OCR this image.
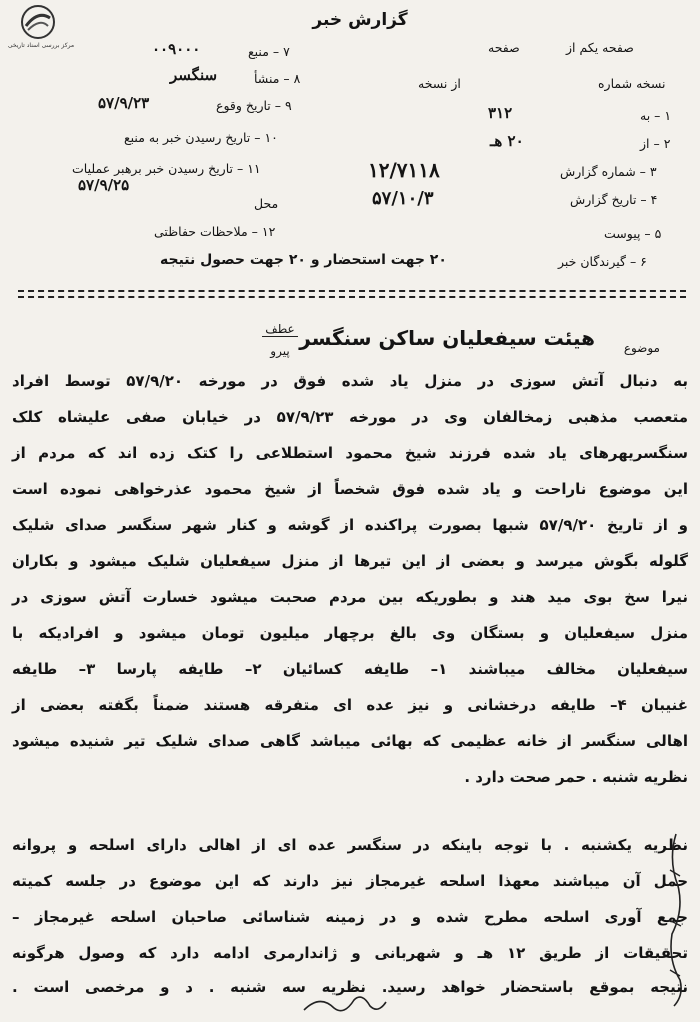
مرکز بررسی اسناد تاریخی
گزارش خبر
۷ – منبع
۰۰۹۰۰۰
۸ – منشأ
سنگسر
۹ – تاریخ وقوع
۵۷/۹/۲۳
۱۰ – تاریخ رسیدن خبر به منبع
۱۱ – تاریخ رسیدن خبر برهبر عملیات
۵۷/۹/۲۵
محل
۱۲ – ملاحظات حفاظتی
صفحه یکم از
صفحه
نسخه شماره
از نسخه
۱ – به
۳۱۲
۲ – از
۲۰ هـ
۳ – شماره گزارش
۱۲/۷۱۱۸
۴ – تاریخ گزارش
۵۷/۱۰/۳
۵ – پیوست
۶ – گیرندگان خبر
۲۰ جهت استحضار و ۲۰ جهت حصول نتیجه
عطف
پیرو
هیئت سیفعلیان ساکن سنگسر موضوع
به دنبال آتش سوزی در منزل یاد شده فوق در مورخه ۵۷/۹/۲۰ توسط افراد
متعصب مذهبی زمخالفان وی در مورخه ۵۷/۹/۲۳ در خیابان صفی علیشاه کلک
سنگسریهرهای یاد شده فرزند شیخ محمود استطلاعی را کتک زده اند که مردم از
این موضوع ناراحت و یاد شده فوق شخصاً از شیخ محمود عذرخواهی نموده است
و از تاریخ ۵۷/۹/۲۰ شبها بصورت پراکنده از گوشه و کنار شهر سنگسر صدای شلیک
گلوله بگوش میرسد و بعضی از این تیرها از منزل سیفعلیان شلیک میشود و بکاران
نیرا سخ بوی مید هند و بطوریکه بین مردم صحبت میشود خسارت آتش سوزی در
منزل سیفعلیان و بستگان وی بالغ برچهار میلیون تومان میشود و افرادیکه با
سیفعلیان مخالف میباشند ۱– طایفه کسائیان ۲– طایفه پارسا ۳– طایفه
غنیبان ۴– طایفه درخشانی و نیز عده ای متفرقه هستند ضمناً بگفته بعضی از
اهالی سنگسر از خانه عظیمی که بهائی میباشد گاهی صدای شلیک تیر شنیده میشود
نظریه شنبه . حمر صحت دارد .
نظریه یکشنبه . با توجه باینکه در سنگسر عده ای از اهالی دارای اسلحه و پروانه
حمل آن میباشند معهذا اسلحه غیرمجاز نیز دارند که این موضوع در جلسه کمیته
جمع آوری اسلحه مطرح شده و در زمینه شناسائی صاحبان اسلحه غیرمجاز –
تحقیقات از طریق ۱۲ هـ و شهربانی و ژاندارمری ادامه دارد که وصول هرگونه
نتیجه بموقع باستحضار خواهد رسید. نظریه سه شنبه . د و مرخصی است .
